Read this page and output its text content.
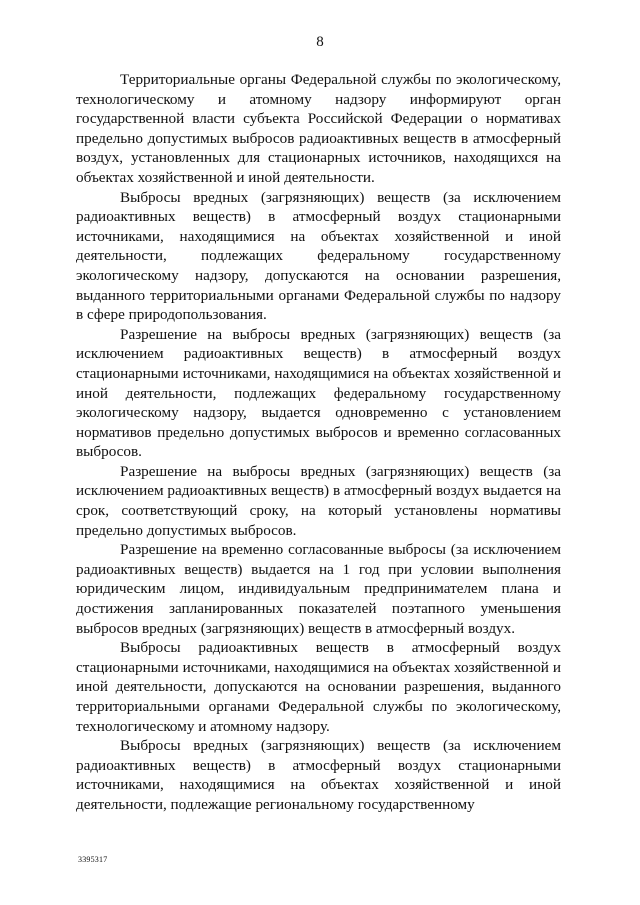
8

Территориальные органы Федеральной службы по экологическому, технологическому и атомному надзору информируют орган государственной власти субъекта Российской Федерации о нормативах предельно допустимых выбросов радиоактивных веществ в атмосферный воздух, установленных для стационарных источников, находящихся на объектах хозяйственной и иной деятельности.

Выбросы вредных (загрязняющих) веществ (за исключением радиоактивных веществ) в атмосферный воздух стационарными источниками, находящимися на объектах хозяйственной и иной деятельности, подлежащих федеральному государственному экологическому надзору, допускаются на основании разрешения, выданного территориальными органами Федеральной службы по надзору в сфере природопользования.

Разрешение на выбросы вредных (загрязняющих) веществ (за исключением радиоактивных веществ) в атмосферный воздух стационарными источниками, находящимися на объектах хозяйственной и иной деятельности, подлежащих федеральному государственному экологическому надзору, выдается одновременно с установлением нормативов предельно допустимых выбросов и временно согласованных выбросов.

Разрешение на выбросы вредных (загрязняющих) веществ (за исключением радиоактивных веществ) в атмосферный воздух выдается на срок, соответствующий сроку, на который установлены нормативы предельно допустимых выбросов.

Разрешение на временно согласованные выбросы (за исключением радиоактивных веществ) выдается на 1 год при условии выполнения юридическим лицом, индивидуальным предпринимателем плана и достижения запланированных показателей поэтапного уменьшения выбросов вредных (загрязняющих) веществ в атмосферный воздух.

Выбросы радиоактивных веществ в атмосферный воздух стационарными источниками, находящимися на объектах хозяйственной и иной деятельности, допускаются на основании разрешения, выданного территориальными органами Федеральной службы по экологическому, технологическому и атомному надзору.

Выбросы вредных (загрязняющих) веществ (за исключением радиоактивных веществ) в атмосферный воздух стационарными источниками, находящимися на объектах хозяйственной и иной деятельности, подлежащие региональному государственному

3395317
